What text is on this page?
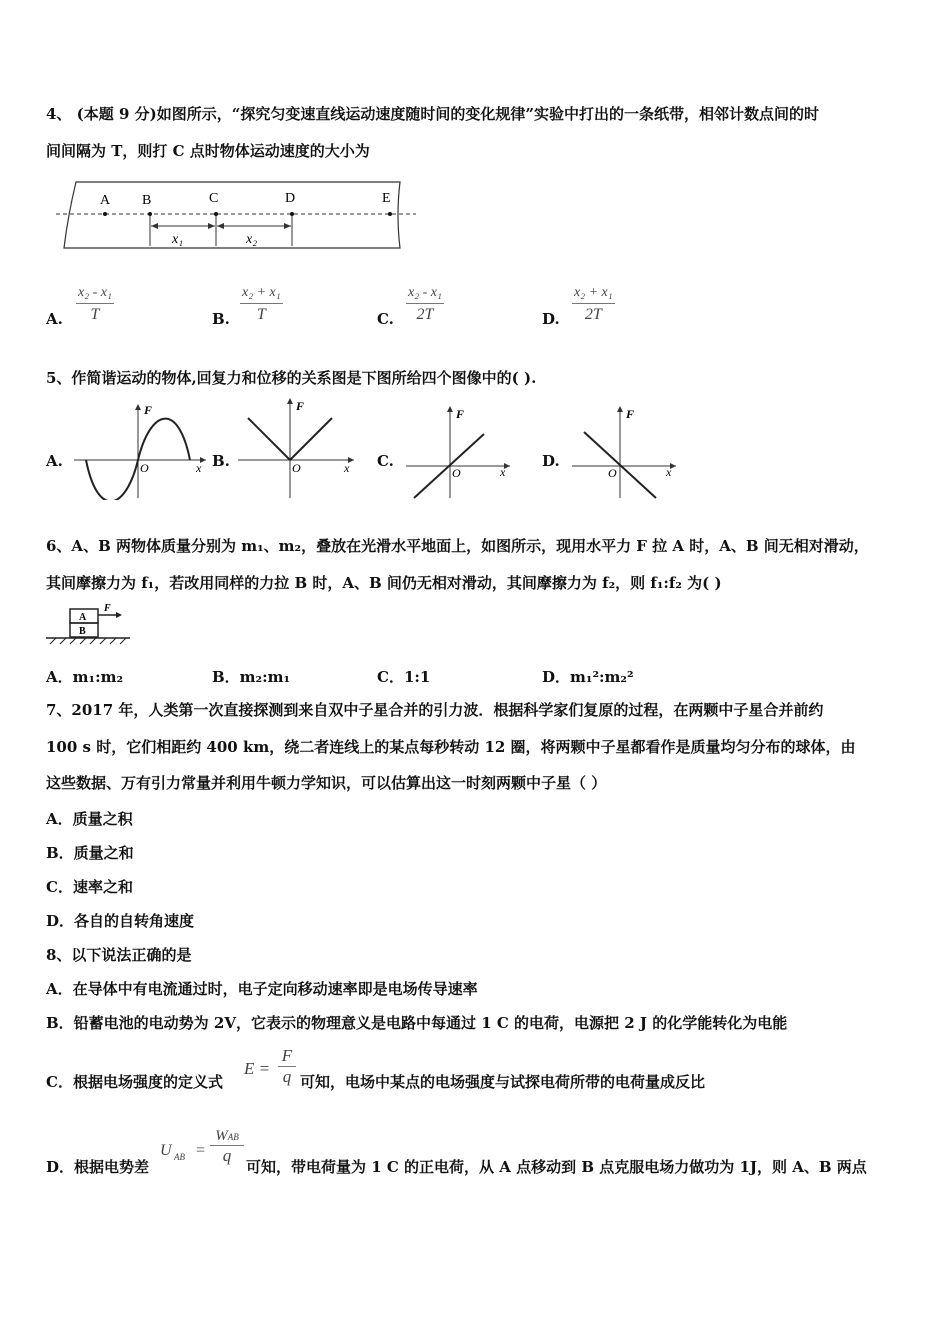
4、 (本题 9 分)如图所示，“探究匀变速直线运动速度随时间的变化规律”实验中打出的一条纸带，相邻计数点间的时
间间隔为 T，则打 C 点时物体运动速度的大小为
A B	C	D	E
x₁	x₂
A. $\frac{\text{x₂ - x₁}}{T}$	B. $\frac{\text{x₂ + x₁}}{T}$	C. $\frac{\text{x₂ - x₁}}{2T}$	D. $\frac{\text{x₂ + x₁}}{2T}$
5、作简谐运动的物体,回复力和位移的关系图是下图所给四个图像中的( ).
A.
F
x
O	B.
F
x
O	C.
F
x
O
D.
F
x
O
6、A、B 两物体质量分别为 m₁、m₂，叠放在光滑水平地面上，如图所示，现用水平力 F 拉 A 时，A、B 间无相对滑动，
其间摩擦力为 f₁，若改用同样的力拉 B 时，A、B 间仍无相对滑动，其间摩擦力为 f₂，则 f₁:f₂ 为( )
A
B
F
A．m₁:m₂	B．m₂:m₁	C．1:1	D．m₁²:m₂²
7、2017 年，人类第一次直接探测到来自双中子星合并的引力波．根据科学家们复原的过程，在两颗中子星合并前约
100 s 时，它们相距约 400 km，绕二者连线上的某点每秒转动 12 圈，将两颗中子星都看作是质量均匀分布的球体，由
这些数据、万有引力常量并利用牛顿力学知识，可以估算出这一时刻两颗中子星（ ）
A．质量之积
B．质量之和
C．速率之和
D．各自的自转角速度
8、以下说法正确的是
A．在导体中有电流通过时，电子定向移动速率即是电场传导速率
B．铅蓄电池的电动势为 2V，它表示的物理意义是电路中每通过 1 C 的电荷，电源把 2 J 的化学能转化为电能
C．根据电场强度的定义式
E =
F
q 可知，电场中某点的电场强度与试探电荷所带的电荷量成反比
D．根据电势差
U AB =
WAB
q
可知，带电荷量为 1 C 的正电荷，从 A 点移动到 B 点克服电场力做功为 1J，则 A、B 两点
